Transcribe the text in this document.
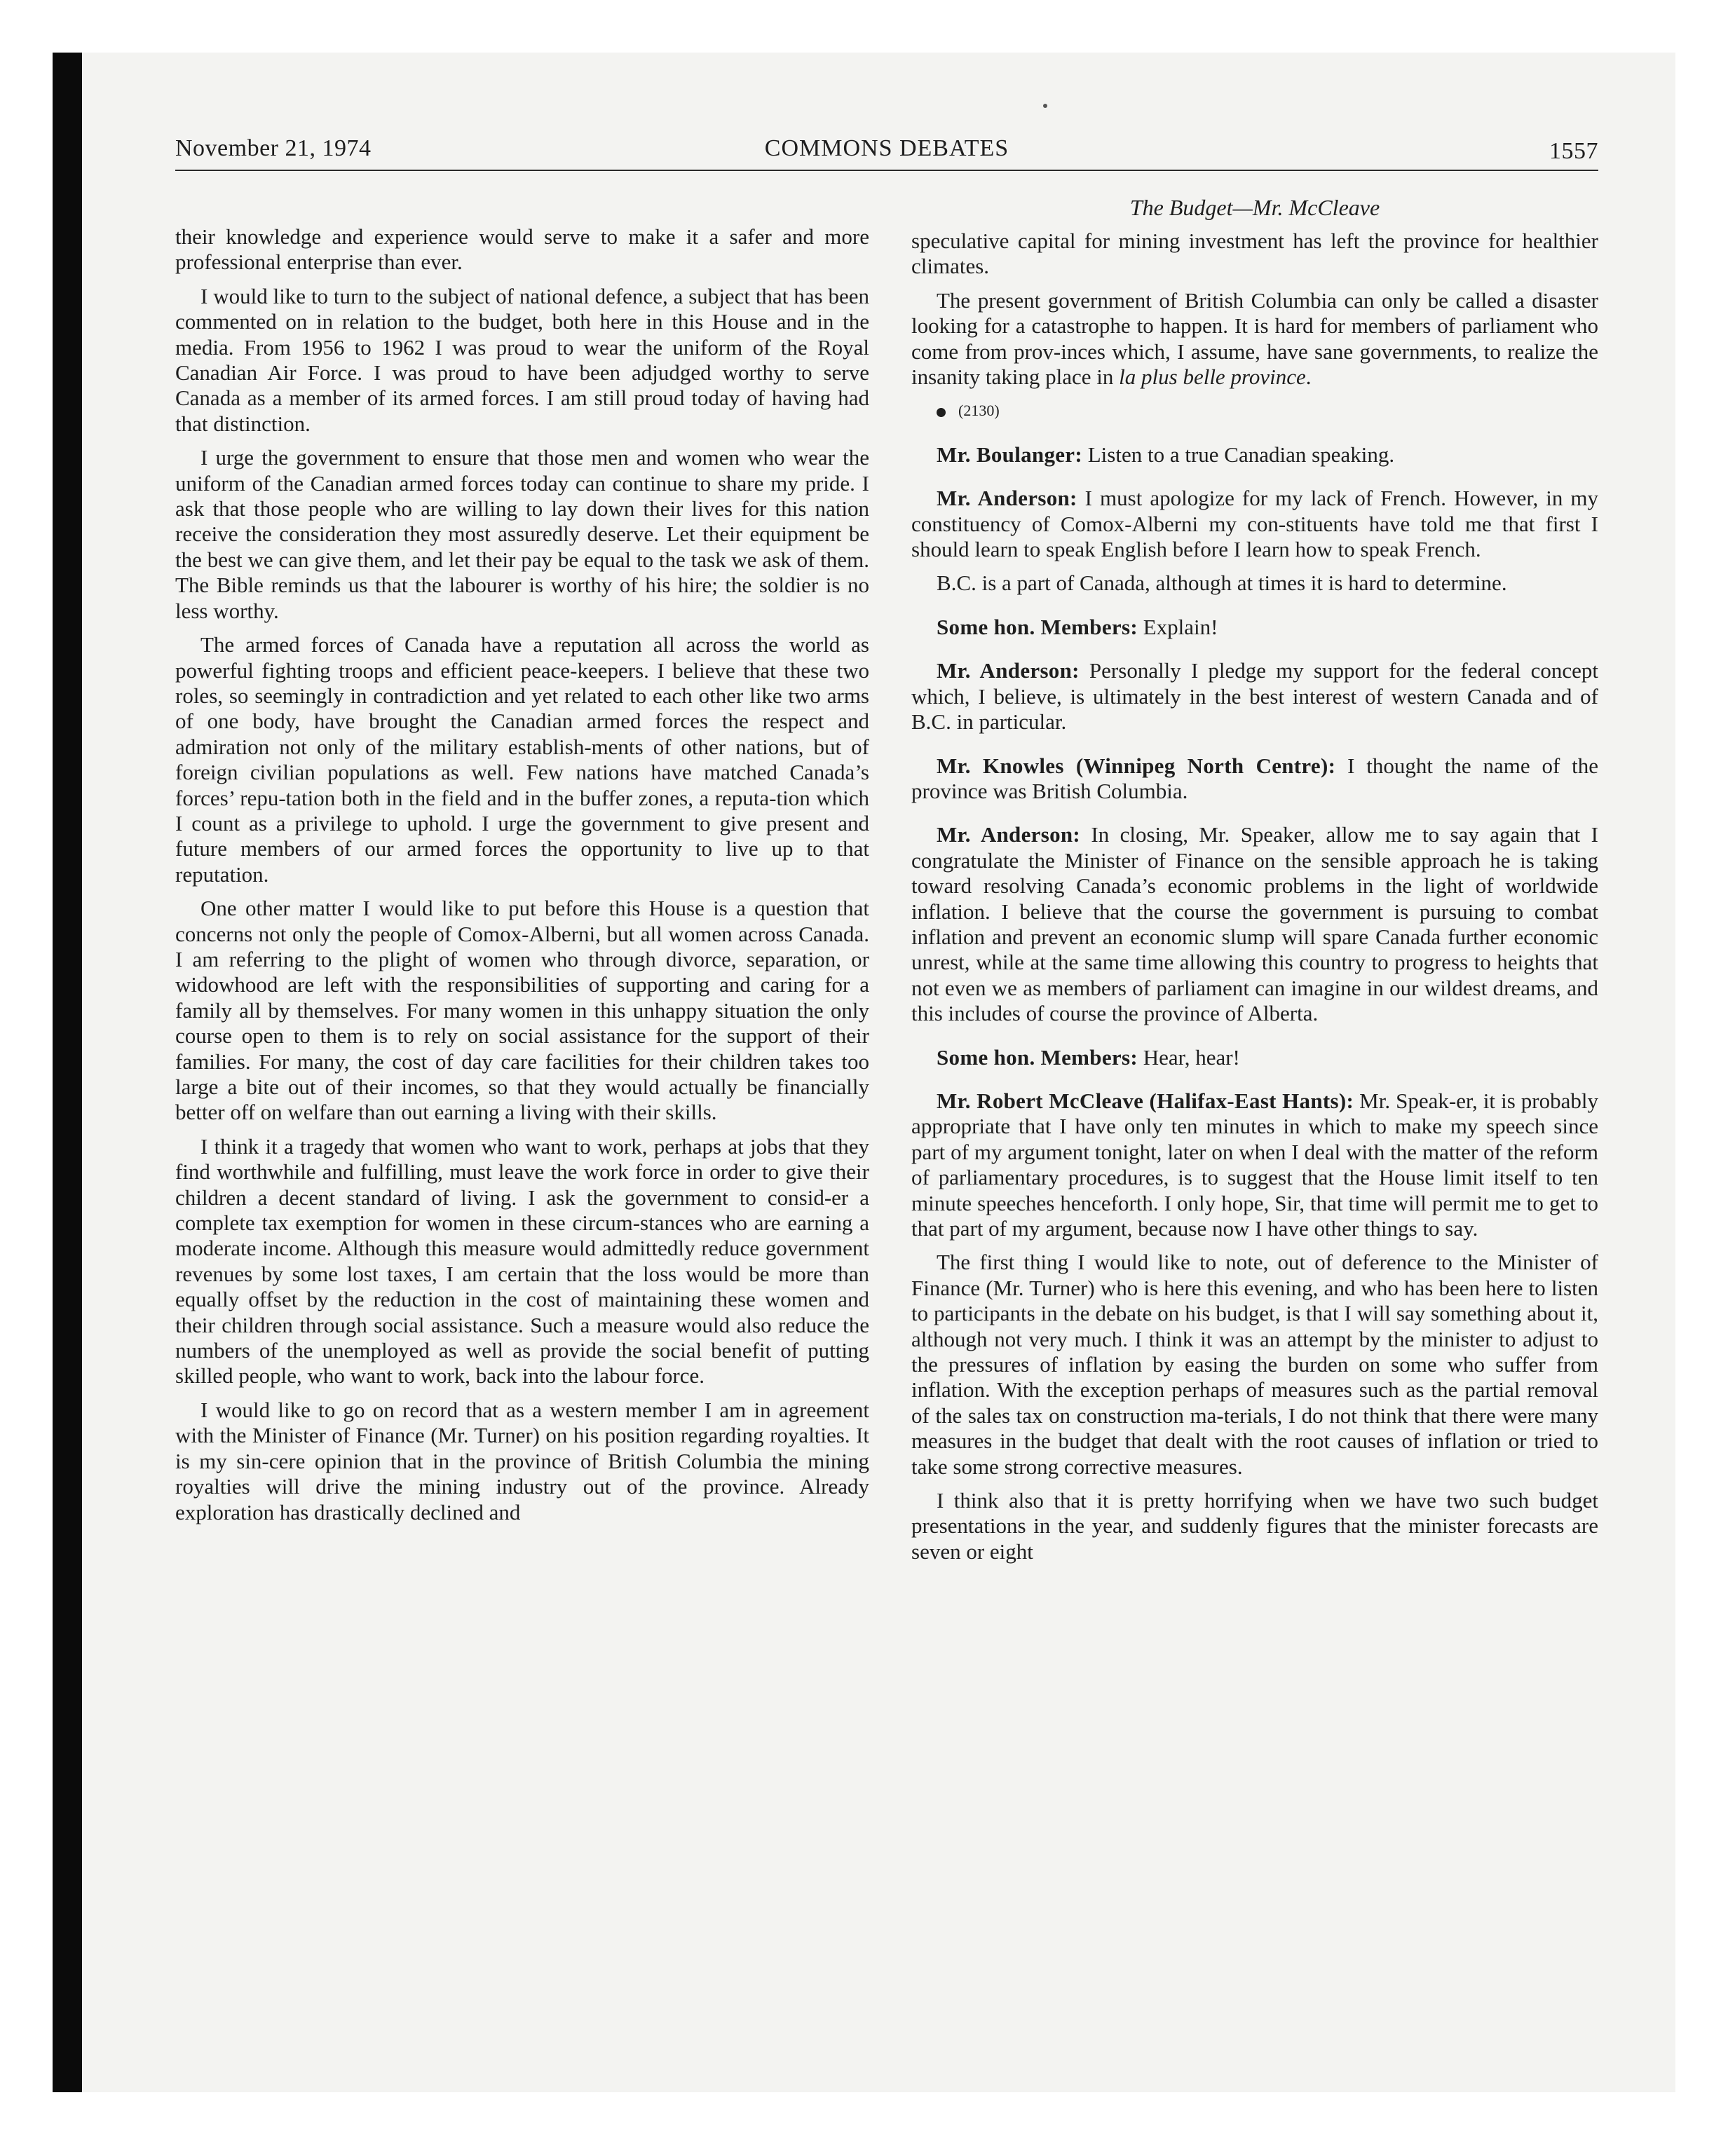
November 21, 1974	COMMONS DEBATES	1557
The Budget—Mr. McCleave

their knowledge and experience would serve to make it a safer and more professional enterprise than ever.

I would like to turn to the subject of national defence, a subject that has been commented on in relation to the budget, both here in this House and in the media. From 1956 to 1962 I was proud to wear the uniform of the Royal Canadian Air Force. I was proud to have been adjudged worthy to serve Canada as a member of its armed forces. I am still proud today of having had that distinction.

I urge the government to ensure that those men and women who wear the uniform of the Canadian armed forces today can continue to share my pride. I ask that those people who are willing to lay down their lives for this nation receive the consideration they most assuredly deserve. Let their equipment be the best we can give them, and let their pay be equal to the task we ask of them. The Bible reminds us that the labourer is worthy of his hire; the soldier is no less worthy.

The armed forces of Canada have a reputation all across the world as powerful fighting troops and efficient peace-keepers. I believe that these two roles, so seemingly in contradiction and yet related to each other like two arms of one body, have brought the Canadian armed forces the respect and admiration not only of the military establish-ments of other nations, but of foreign civilian populations as well. Few nations have matched Canada’s forces’ repu-tation both in the field and in the buffer zones, a reputa-tion which I count as a privilege to uphold. I urge the government to give present and future members of our armed forces the opportunity to live up to that reputation.

One other matter I would like to put before this House is a question that concerns not only the people of Comox-Alberni, but all women across Canada. I am referring to the plight of women who through divorce, separation, or widowhood are left with the responsibilities of supporting and caring for a family all by themselves. For many women in this unhappy situation the only course open to them is to rely on social assistance for the support of their families. For many, the cost of day care facilities for their children takes too large a bite out of their incomes, so that they would actually be financially better off on welfare than out earning a living with their skills.

I think it a tragedy that women who want to work, perhaps at jobs that they find worthwhile and fulfilling, must leave the work force in order to give their children a decent standard of living. I ask the government to consid-er a complete tax exemption for women in these circum-stances who are earning a moderate income. Although this measure would admittedly reduce government revenues by some lost taxes, I am certain that the loss would be more than equally offset by the reduction in the cost of maintaining these women and their children through social assistance. Such a measure would also reduce the numbers of the unemployed as well as provide the social benefit of putting skilled people, who want to work, back into the labour force.

I would like to go on record that as a western member I am in agreement with the Minister of Finance (Mr. Turner) on his position regarding royalties. It is my sin-cere opinion that in the province of British Columbia the mining royalties will drive the mining industry out of the province. Already exploration has drastically declined and

speculative capital for mining investment has left the province for healthier climates.

The present government of British Columbia can only be called a disaster looking for a catastrophe to happen. It is hard for members of parliament who come from prov-inces which, I assume, have sane governments, to realize the insanity taking place in la plus belle province.

(2130)

Mr. Boulanger: Listen to a true Canadian speaking.

Mr. Anderson: I must apologize for my lack of French. However, in my constituency of Comox-Alberni my con-stituents have told me that first I should learn to speak English before I learn how to speak French.

B.C. is a part of Canada, although at times it is hard to determine.

Some hon. Members: Explain!

Mr. Anderson: Personally I pledge my support for the federal concept which, I believe, is ultimately in the best interest of western Canada and of B.C. in particular.

Mr. Knowles (Winnipeg North Centre): I thought the name of the province was British Columbia.

Mr. Anderson: In closing, Mr. Speaker, allow me to say again that I congratulate the Minister of Finance on the sensible approach he is taking toward resolving Canada’s economic problems in the light of worldwide inflation. I believe that the course the government is pursuing to combat inflation and prevent an economic slump will spare Canada further economic unrest, while at the same time allowing this country to progress to heights that not even we as members of parliament can imagine in our wildest dreams, and this includes of course the province of Alberta.

Some hon. Members: Hear, hear!

Mr. Robert McCleave (Halifax-East Hants): Mr. Speak-er, it is probably appropriate that I have only ten minutes in which to make my speech since part of my argument tonight, later on when I deal with the matter of the reform of parliamentary procedures, is to suggest that the House limit itself to ten minute speeches henceforth. I only hope, Sir, that time will permit me to get to that part of my argument, because now I have other things to say.

The first thing I would like to note, out of deference to the Minister of Finance (Mr. Turner) who is here this evening, and who has been here to listen to participants in the debate on his budget, is that I will say something about it, although not very much. I think it was an attempt by the minister to adjust to the pressures of inflation by easing the burden on some who suffer from inflation. With the exception perhaps of measures such as the partial removal of the sales tax on construction ma-terials, I do not think that there were many measures in the budget that dealt with the root causes of inflation or tried to take some strong corrective measures.

I think also that it is pretty horrifying when we have two such budget presentations in the year, and suddenly figures that the minister forecasts are seven or eight
